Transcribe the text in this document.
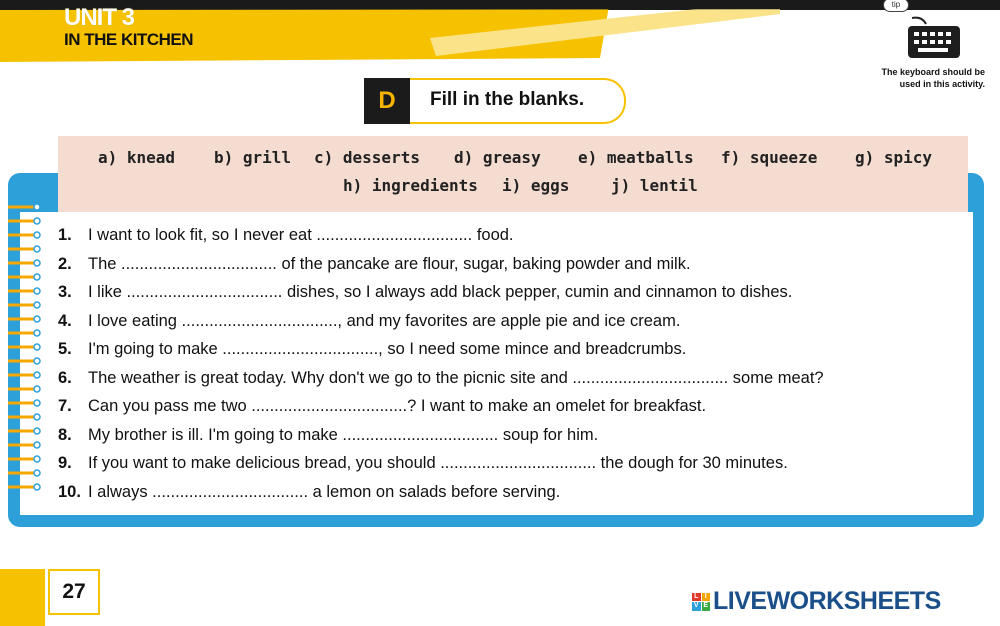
UNIT 3
IN THE KITCHEN
tip
The keyboard should be used in this activity.
D	Fill in the blanks.
a) knead b) grill c) desserts d) greasy e) meatballs f) squeeze g) spicy
h) ingredients i) eggs	j) lentil
1. I want to look fit, so I never eat .................................. food.
2. The .................................. of the pancake are flour, sugar, baking powder and milk.
3. I like .................................. dishes, so I always add black pepper, cumin and cinnamon to dishes.
4. I love eating .................................., and my favorites are apple pie and ice cream.
5. I'm going to make .................................., so I need some mince and breadcrumbs.
6. The weather is great today. Why don't we go to the picnic site and .................................. some meat?
7. Can you pass me two ..................................? I want to make an omelet for breakfast.
8. My brother is ill. I'm going to make .................................. soup for him.
9. If you want to make delicious bread, you should .................................. the dough for 30 minutes.
10. I always .................................. a lemon on salads before serving.
27	L I
V E LIVEWORKSHEETS
